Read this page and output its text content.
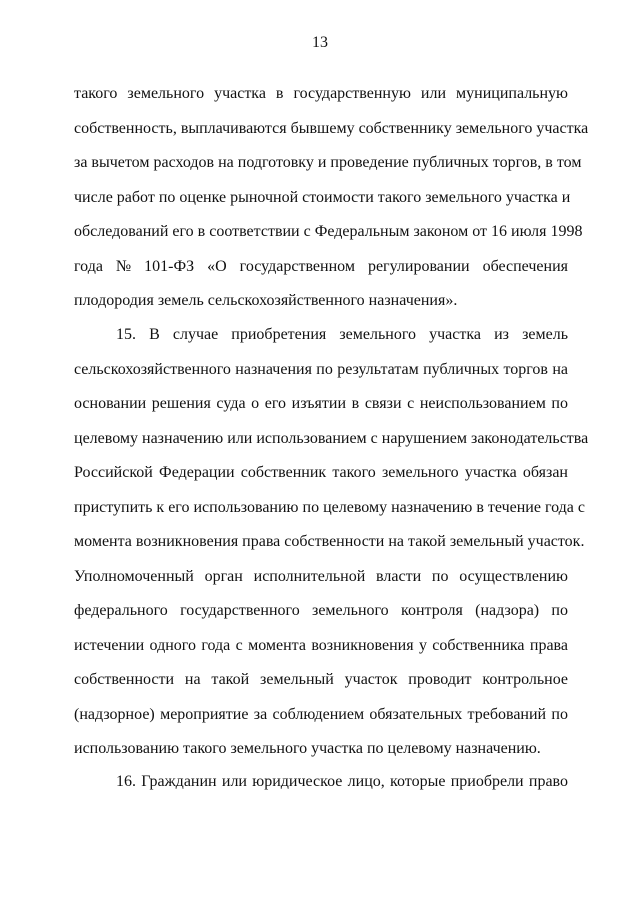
13
такого земельного участка в государственную или муниципальную
собственность, выплачиваются бывшему собственнику земельного участка
за вычетом расходов на подготовку и проведение публичных торгов, в том
числе работ по оценке рыночной стоимости такого земельного участка и
обследований его в соответствии с Федеральным законом от 16 июля 1998
года № 101-ФЗ «О государственном регулировании обеспечения
плодородия земель сельскохозяйственного назначения».
15. В случае приобретения земельного участка из земель
сельскохозяйственного назначения по результатам публичных торгов на
основании решения суда о его изъятии в связи с неиспользованием по
целевому назначению или использованием с нарушением законодательства
Российской Федерации собственник такого земельного участка обязан
приступить к его использованию по целевому назначению в течение года с
момента возникновения права собственности на такой земельный участок.
Уполномоченный орган исполнительной власти по осуществлению
федерального государственного земельного контроля (надзора) по
истечении одного года с момента возникновения у собственника права
собственности на такой земельный участок проводит контрольное
(надзорное) мероприятие за соблюдением обязательных требований по
использованию такого земельного участка по целевому назначению.
16. Гражданин или юридическое лицо, которые приобрели право
